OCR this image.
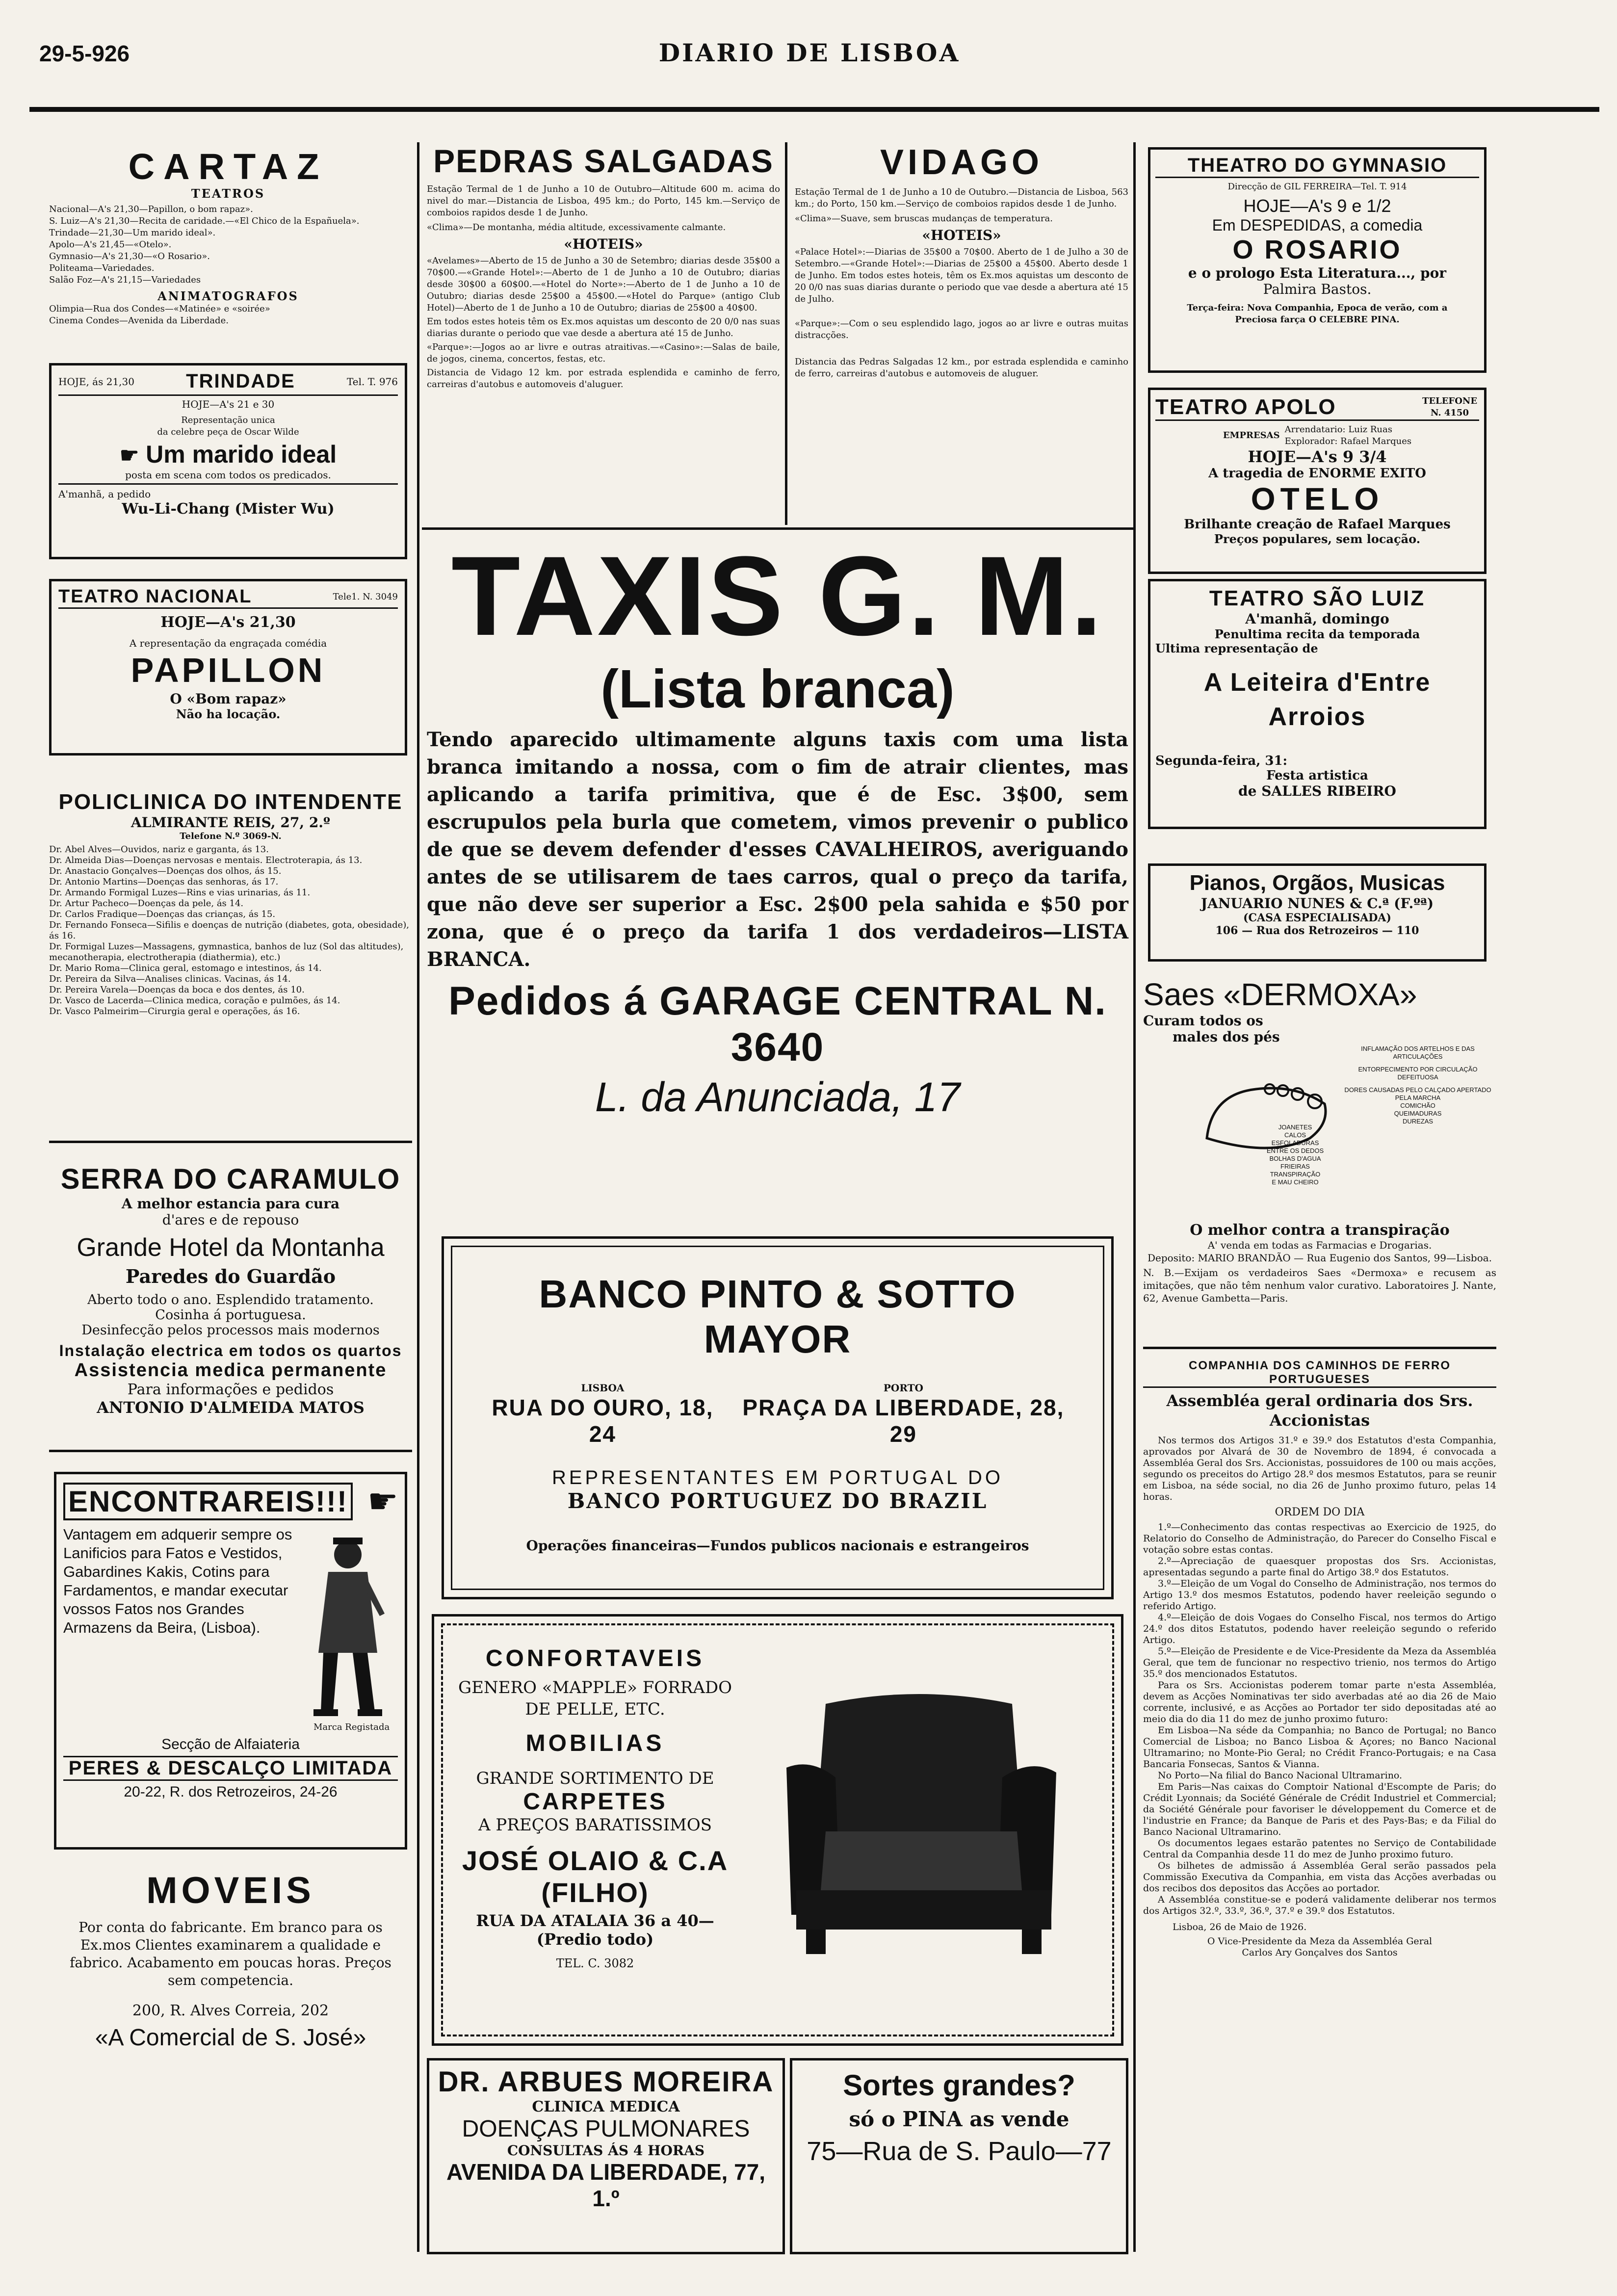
29-5-926	DIARIO DE LISBOA
CARTAZ
TEATROS

Nacional—A's 21,30—Papillon, o bom rapaz».

S. Luiz—A's 21,30—Recita de caridade.—«El Chico de la Españuela».

Trindade—21,30—Um marido ideal».

Apolo—A's 21,45—«Otelo».

Gymnasio—A's 21,30—«O Rosario».

Politeama—Variedades.

Salão Foz—A's 21,15—Variedades

ANIMATOGRAFOS

Olimpia—Rua dos Condes—«Matinée» e «soirée»

Cinema Condes—Avenida da Liberdade.

HOJE, ás 21,30	TRINDADE	Tel. T. 976
HOJE—A's 21 e 30
Representação unica
da celebre peça de Oscar Wilde
☛ Um marido ideal
posta em scena com todos os predicados.
A'manhã, a pedido
Wu-Li-Chang (Mister Wu)
TEATRO NACIONAL	Tele1. N. 3049
HOJE—A's 21,30
A representação da engraçada comédia
PAPILLON
O «Bom rapaz»
Não ha locação.
POLICLINICA DO INTENDENTE
ALMIRANTE REIS, 27, 2.º
Telefone N.º 3069-N.

Dr. Abel Alves—Ouvidos, nariz e garganta, ás 13.

Dr. Almeida Dias—Doenças nervosas e mentais. Electroterapia, ás 13.

Dr. Anastacio Gonçalves—Doenças dos olhos, ás 15.

Dr. Antonio Martins—Doenças das senhoras, ás 17.

Dr. Armando Formigal Luzes—Rins e vias urinarias, ás 11.

Dr. Artur Pacheco—Doenças da pele, ás 14.

Dr. Carlos Fradique—Doenças das crianças, ás 15.

Dr. Fernando Fonseca—Sifilis e doenças de nutrição (diabetes, gota, obesidade), ás 16.

Dr. Formigal Luzes—Massagens, gymnastica, banhos de luz (Sol das altitudes), mecanotherapia, electrotherapia (diathermia), etc.)

Dr. Mario Roma—Clinica geral, estomago e intestinos, ás 14.

Dr. Pereira da Silva—Analises clinicas. Vacinas, ás 14.

Dr. Pereira Varela—Doenças da boca e dos dentes, ás 10.

Dr. Vasco de Lacerda—Clinica medica, coração e pulmões, ás 14.

Dr. Vasco Palmeirim—Cirurgia geral e operações, ás 16.

SERRA DO CARAMULO
A melhor estancia para cura
d'ares e de repouso
Grande Hotel da Montanha
Paredes do Guardão
Aberto todo o ano. Esplendido tratamento. Cosinha á portuguesa.
Desinfecção pelos processos mais modernos
Instalação electrica em todos os quartos
Assistencia medica permanente
Para informações e pedidos
ANTONIO D'ALMEIDA MATOS
ENCONTRAREIS!!! ☛
Vantagem em adquerir sempre os Lanificios para Fatos e Vestidos, Gabardines Kakis, Cotins para Fardamentos, e mandar executar vossos Fatos nos Grandes Armazens da Beira, (Lisboa).
Marca Registada
Secção de Alfaiateria
PERES & DESCALÇO LIMITADA
20-22, R. dos Retrozeiros, 24-26
MOVEIS
Por conta do fabricante. Em branco para os Ex.mos Clientes examinarem a qualidade e fabrico. Acabamento em poucas horas. Preços sem competencia.
200, R. Alves Correia, 202
«A Comercial de S. José»
PEDRAS SALGADAS

Estação Termal de 1 de Junho a 10 de Outubro—Altitude 600 m. acima do nivel do mar.—Distancia de Lisboa, 495 km.; do Porto, 145 km.—Serviço de comboios rapidos desde 1 de Junho.

«Clima»—De montanha, média altitude, excessivamente calmante.

«HOTEIS»

«Avelames»—Aberto de 15 de Junho a 30 de Setembro; diarias desde 35$00 a 70$00.—«Grande Hotel»:—Aberto de 1 de Junho a 10 de Outubro; diarias desde 30$00 a 60$00.—«Hotel do Norte»:—Aberto de 1 de Junho a 10 de Outubro; diarias desde 25$00 a 45$00.—«Hotel do Parque» (antigo Club Hotel)—Aberto de 1 de Junho a 10 de Outubro; diarias de 25$00 a 40$00.

Em todos estes hoteis têm os Ex.mos aquistas um desconto de 20 0/0 nas suas diarias durante o periodo que vae desde a abertura até 15 de Junho.

«Parque»:—Jogos ao ar livre e outras atraitivas.—«Casino»:—Salas de baile, de jogos, cinema, concertos, festas, etc.

Distancia de Vidago 12 km. por estrada esplendida e caminho de ferro, carreiras d'autobus e automoveis d'aluguer.

VIDAGO

Estação Termal de 1 de Junho a 10 de Outubro.—Distancia de Lisboa, 563 km.; do Porto, 150 km.—Serviço de comboios rapidos desde 1 de Junho.

«Clima»—Suave, sem bruscas mudanças de temperatura.

«HOTEIS»

«Palace Hotel»:—Diarias de 35$00 a 70$00. Aberto de 1 de Julho a 30 de Setembro.—«Grande Hotel»:—Diarias de 25$00 a 45$00. Aberto desde 1 de Junho. Em todos estes hoteis, têm os Ex.mos aquistas um desconto de 20 0/0 nas suas diarias durante o periodo que vae desde a abertura até 15 de Julho.

«Parque»:—Com o seu esplendido lago, jogos ao ar livre e outras muitas distracções.

Distancia das Pedras Salgadas 12 km., por estrada esplendida e caminho de ferro, carreiras d'autobus e automoveis de aluguer.

TAXIS G. M.
(Lista branca)
Tendo aparecido ultimamente alguns taxis com uma lista branca imitando a nossa, com o fim de atrair clientes, mas aplicando a tarifa primitiva, que é de Esc. 3$00, sem escrupulos pela burla que cometem, vimos prevenir o publico de que se devem defender d'esses CAVALHEIROS, averiguando antes de se utilisarem de taes carros, qual o preço da tarifa, que não deve ser superior a Esc. 2$00 pela sahida e $50 por zona, que é o preço da tarifa 1 dos verdadeiros—LISTA BRANCA.
Pedidos á GARAGE CENTRAL N. 3640
L. da Anunciada, 17
BANCO PINTO & SOTTO MAYOR
LISBOA
RUA DO OURO, 18, 24
PORTO
PRAÇA DA LIBERDADE, 28, 29
REPRESENTANTES EM PORTUGAL DO
BANCO PORTUGUEZ DO BRAZIL
Operações financeiras—Fundos publicos nacionais e estrangeiros
CONFORTAVEIS
GENERO «MAPPLE» FORRADO DE PELLE, ETC.
MOBILIAS
GRANDE SORTIMENTO DE
CARPETES
A PREÇOS BARATISSIMOS
JOSÉ OLAIO & C.A (FILHO)
RUA DA ATALAIA 36 a 40—(Predio todo)
TEL. C. 3082
DR. ARBUES MOREIRA
CLINICA MEDICA
DOENÇAS PULMONARES
CONSULTAS ÁS 4 HORAS
AVENIDA DA LIBERDADE, 77, 1.º
Sortes grandes?
só o PINA as vende
75—Rua de S. Paulo—77
THEATRO DO GYMNASIO
Direcção de GIL FERREIRA—Tel. T. 914
HOJE—A's 9 e 1/2
Em DESPEDIDAS, a comedia
O ROSARIO
e o prologo Esta Literatura..., por
Palmira Bastos.
Terça-feira: Nova Companhia, Epoca de verão, com a Preciosa farça O CELEBRE PINA.
TEATRO APOLO	TELEFONE N. 4150
EMPRESAS
Arrendatario: Luiz Ruas
Explorador: Rafael Marques
HOJE—A's 9 3/4
A tragedia de ENORME EXITO
OTELO
Brilhante creação de Rafael Marques
Preços populares, sem locação.
TEATRO SÃO LUIZ
A'manhã, domingo
Penultima recita da temporada
Ultima representação de
A Leiteira d'Entre Arroios
Segunda-feira, 31:
Festa artistica
de SALLES RIBEIRO
Pianos, Orgãos, Musicas
JANUARIO NUNES & C.ª (F.ºª)
(CASA ESPECIALISADA)
106 — Rua dos Retrozeiros — 110
Saes «DERMOXA»
Curam todos os
males dos pés

INFLAMAÇÃO DOS ARTELHOS E DAS ARTICULAÇÕES

ENTORPECIMENTO POR CIRCULAÇÃO DEFEITUOSA

DORES CAUSADAS PELO CALÇADO APERTADO

PELA MARCHA

COMICHÃO

QUEIMADURAS

DUREZAS

JOANETES

CALOS

ESFOLADURAS

ENTRE OS DEDOS

BOLHAS D'AGUA

FRIEIRAS

TRANSPIRAÇÃO

E MAU CHEIRO

O melhor contra a transpiração
A' venda em todas as Farmacias e Drogarias.
Deposito: MARIO BRANDÃO — Rua Eugenio dos Santos, 99—Lisboa.
N. B.—Exijam os verdadeiros Saes «Dermoxa» e recusem as imitações, que não têm nenhum valor curativo. Laboratoires J. Nante, 62, Avenue Gambetta—Paris.
COMPANHIA DOS CAMINHOS DE FERRO PORTUGUESES
Assembléa geral ordinaria dos Srs. Accionistas

Nos termos dos Artigos 31.º e 39.º dos Estatutos d'esta Companhia, aprovados por Alvará de 30 de Novembro de 1894, é convocada a Assembléa Geral dos Srs. Accionistas, possuidores de 100 ou mais acções, segundo os preceitos do Artigo 28.º dos mesmos Estatutos, para se reunir em Lisboa, na séde social, no dia 26 de Junho proximo futuro, pelas 14 horas.

ORDEM DO DIA

1.º—Conhecimento das contas respectivas ao Exercicio de 1925, do Relatorio do Conselho de Administração, do Parecer do Conselho Fiscal e votação sobre estas contas.

2.º—Apreciação de quaesquer propostas dos Srs. Accionistas, apresentadas segundo a parte final do Artigo 38.º dos Estatutos.

3.º—Eleição de um Vogal do Conselho de Administração, nos termos do Artigo 13.º dos mesmos Estatutos, podendo haver reeleição segundo o referido Artigo.

4.º—Eleição de dois Vogaes do Conselho Fiscal, nos termos do Artigo 24.º dos ditos Estatutos, podendo haver reeleição segundo o referido Artigo.

5.º—Eleição de Presidente e de Vice-Presidente da Meza da Assembléa Geral, que tem de funcionar no respectivo trienio, nos termos do Artigo 35.º dos mencionados Estatutos.

Para os Srs. Accionistas poderem tomar parte n'esta Assembléa, devem as Acções Nominativas ter sido averbadas até ao dia 26 de Maio corrente, inclusivé, e as Acções ao Portador ter sido depositadas até ao meio dia do dia 11 do mez de junho proximo futuro:

Em Lisboa—Na séde da Companhia; no Banco de Portugal; no Banco Comercial de Lisboa; no Banco Lisboa & Açores; no Banco Nacional Ultramarino; no Monte-Pio Geral; no Crédit Franco-Portugais; e na Casa Bancaria Fonsecas, Santos & Vianna.

No Porto—Na filial do Banco Nacional Ultramarino.

Em Paris—Nas caixas do Comptoir National d'Escompte de Paris; do Crédit Lyonnais; da Société Générale de Crédit Industriel et Commercial; da Société Générale pour favoriser le développement du Comerce et de l'industrie en France; da Banque de Paris et des Pays-Bas; e da Filial do Banco Nacional Ultramarino.

Os documentos legaes estarão patentes no Serviço de Contabilidade Central da Companhia desde 11 do mez de Junho proximo futuro.

Os bilhetes de admissão á Assembléa Geral serão passados pela Commissão Executiva da Companhia, em vista das Acções averbadas ou dos recibos dos depositos das Acções ao portador.

A Assembléa constitue-se e poderá validamente deliberar nos termos dos Artigos 32.º, 33.º, 36.º, 37.º e 39.º dos Estatutos.

Lisboa, 26 de Maio de 1926.

O Vice-Presidente da Meza da Assembléa Geral

Carlos Ary Gonçalves dos Santos
